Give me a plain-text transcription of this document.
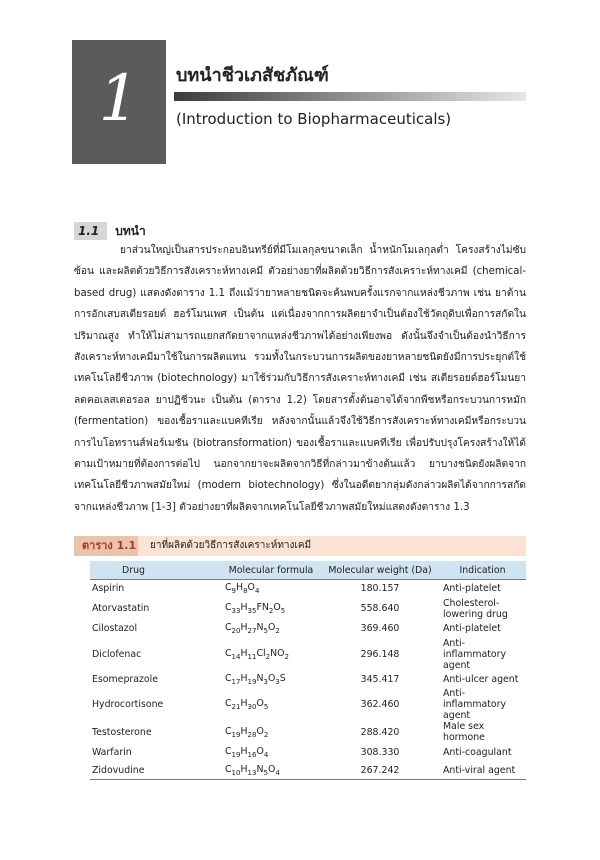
1	บทนำชีวเภสัชภัณฑ์
(Introduction to Biopharmaceuticals)
1.1	บทนำ

ยาส่วนใหญ่เป็นสารประกอบอินทรีย์ที่มีโมเลกุลขนาดเล็ก น้ำหนักโมเลกุลต่ำ โครงสร้างไม่ซับซ้อน และผลิตด้วยวิธีการสังเคราะห์ทางเคมี ตัวอย่างยาที่ผลิตด้วยวิธีการสังเคราะห์ทางเคมี (chemical-based drug) แสดงดังตาราง 1.1 ถึงแม้ว่ายาหลายชนิดจะค้นพบครั้งแรกจากแหล่งชีวภาพ เช่น ยาต้านการอักเสบสเตียรอยด์ ฮอร์โมนเพศ เป็นต้น แต่เนื่องจากการผลิตยาจำเป็นต้องใช้วัตถุดิบเพื่อการสกัดในปริมาณสูง ทำให้ไม่สามารถแยกสกัดยาจากแหล่งชีวภาพได้อย่างเพียงพอ ดังนั้นจึงจำเป็นต้องนำวิธีการสังเคราะห์ทางเคมีมาใช้ในการผลิตแทน รวมทั้งในกระบวนการผลิตของยาหลายชนิดยังมีการประยุกต์ใช้เทคโนโลยีชีวภาพ (biotechnology) มาใช้ร่วมกับวิธีการสังเคราะห์ทางเคมี เช่น สเตียรอยด์ฮอร์โมนยาลดคอเลสเตอรอล ยาปฏิชีวนะ เป็นต้น (ตาราง 1.2) โดยสารตั้งต้นอาจได้จากพืชหรือกระบวนการหมัก (fermentation) ของเชื้อราและแบคทีเรีย หลังจากนั้นแล้วจึงใช้วิธีการสังเคราะห์ทางเคมีหรือกระบวนการไบโอทรานส์ฟอร์เมชัน (biotransformation) ของเชื้อราและแบคทีเรีย เพื่อปรับปรุงโครงสร้างให้ได้ตามเป้าหมายที่ต้องการต่อไป นอกจากยาจะผลิตจากวิธีที่กล่าวมาข้างต้นแล้ว ยาบางชนิดยังผลิตจากเทคโนโลยีชีวภาพสมัยใหม่ (modern biotechnology) ซึ่งในอดีตยากลุ่มดังกล่าวผลิตได้จากการสกัดจากแหล่งชีวภาพ [1-3] ตัวอย่างยาที่ผลิตจากเทคโนโลยีชีวภาพสมัยใหม่แสดงดังตาราง 1.3

ตาราง 1.1 ยาที่ผลิตด้วยวิธีการสังเคราะห์ทางเคมี
Drug	Molecular formula	Molecular weight (Da)	Indication
Aspirin	$C_9H_8O_4$	180.157	Anti-platelet
Atorvastatin	$C_{33}H_{35}FN_2O_5$	558.640	Cholesterol-lowering drug
Cilostazol	$C_{20}H_{27}N_5O_2$	369.460	Anti-platelet
Diclofenac	$C_{14}H_{11}Cl_2NO_2$	296.148	Anti-inflammatory agent
Esomeprazole	$C_{17}H_{19}N_3O_3S$	345.417	Anti-ulcer agent
Hydrocortisone	$C_{21}H_{30}O_5$	362.460	Anti-inflammatory agent
Testosterone	$C_{19}H_{28}O_2$	288.420	Male sex hormone
Warfarin	$C_{19}H_{16}O_4$	308.330	Anti-coagulant
Zidovudine	$C_{10}H_{13}N_5O_4$	267.242	Anti-viral agent
